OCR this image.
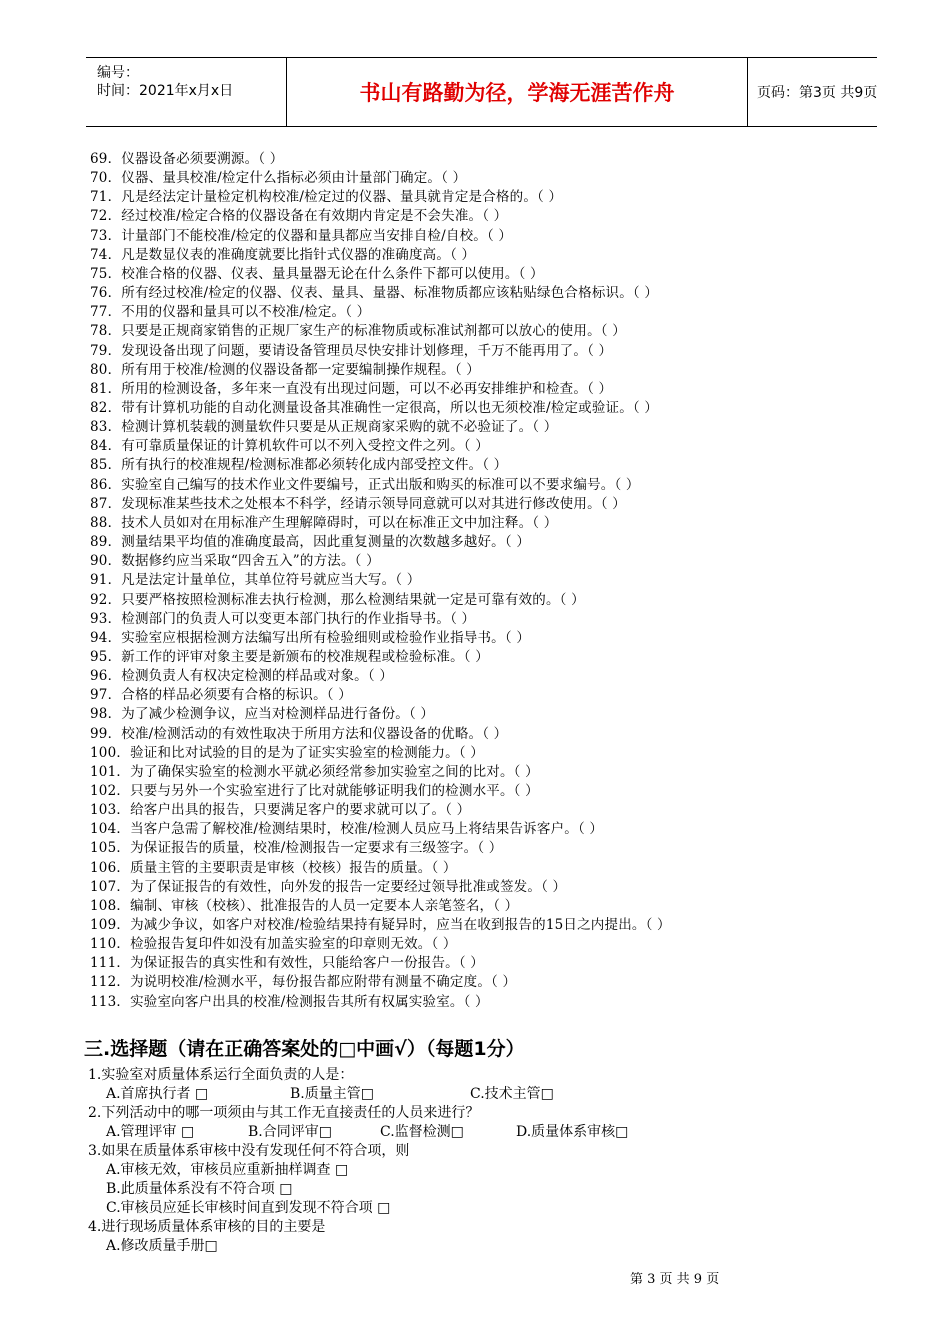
编号：
时间：2021年x月x日	书山有路勤为径，学海无涯苦作舟	页码：第3页 共9页
69．仪器设备必须要溯源。（ ）
70．仪器、量具校准/检定什么指标必须由计量部门确定。（ ）
71．凡是经法定计量检定机构校准/检定过的仪器、量具就肯定是合格的。（ ）
72．经过校准/检定合格的仪器设备在有效期内肯定是不会失准。（ ）
73．计量部门不能校准/检定的仪器和量具都应当安排自检/自校。（ ）
74．凡是数显仪表的准确度就要比指针式仪器的准确度高。（ ）
75．校准合格的仪器、仪表、量具量器无论在什么条件下都可以使用。（ ）
76．所有经过校准/检定的仪器、仪表、量具、量器、标准物质都应该粘贴绿色合格标识。（ ）
77．不用的仪器和量具可以不校准/检定。（ ）
78．只要是正规商家销售的正规厂家生产的标准物质或标准试剂都可以放心的使用。（ ）
79．发现设备出现了问题，要请设备管理员尽快安排计划修理，千万不能再用了。（ ）
80．所有用于校准/检测的仪器设备都一定要编制操作规程。（ ）
81．所用的检测设备，多年来一直没有出现过问题，可以不必再安排维护和检查。（ ）
82．带有计算机功能的自动化测量设备其准确性一定很高，所以也无须校准/检定或验证。（ ）
83．检测计算机装载的测量软件只要是从正规商家采购的就不必验证了。（ ）
84．有可靠质量保证的计算机软件可以不列入受控文件之列。（ ）
85．所有执行的校准规程/检测标准都必须转化成内部受控文件。（ ）
86．实验室自己编写的技术作业文件要编号，正式出版和购买的标准可以不要求编号。（ ）
87．发现标准某些技术之处根本不科学，经请示领导同意就可以对其进行修改使用。（ ）
88．技术人员如对在用标准产生理解障碍时，可以在标准正文中加注释。（ ）
89．测量结果平均值的准确度最高，因此重复测量的次数越多越好。（ ）
90．数据修约应当采取“四舍五入”的方法。（ ）
91．凡是法定计量单位，其单位符号就应当大写。（ ）
92．只要严格按照检测标准去执行检测，那么检测结果就一定是可靠有效的。（ ）
93．检测部门的负责人可以变更本部门执行的作业指导书。（ ）
94．实验室应根据检测方法编写出所有检验细则或检验作业指导书。（ ）
95．新工作的评审对象主要是新颁布的校准规程或检验标准。（ ）
96．检测负责人有权决定检测的样品或对象。（ ）
97．合格的样品必须要有合格的标识。（ ）
98．为了减少检测争议，应当对检测样品进行备份。（ ）
99．校准/检测活动的有效性取决于所用方法和仪器设备的优略。（ ）
100．验证和比对试验的目的是为了证实实验室的检测能力。（ ）
101．为了确保实验室的检测水平就必须经常参加实验室之间的比对。（ ）
102．只要与另外一个实验室进行了比对就能够证明我们的检测水平。（ ）
103．给客户出具的报告，只要满足客户的要求就可以了。（ ）
104．当客户急需了解校准/检测结果时，校准/检测人员应马上将结果告诉客户。（ ）
105．为保证报告的质量，校准/检测报告一定要求有三级签字。（ ）
106．质量主管的主要职责是审核（校核）报告的质量。（ ）
107．为了保证报告的有效性，向外发的报告一定要经过领导批准或签发。（ ）
108．编制、审核（校核）、批准报告的人员一定要本人亲笔签名，（ ）
109．为减少争议，如客户对校准/检验结果持有疑异时，应当在收到报告的15日之内提出。（ ）
110．检验报告复印件如没有加盖实验室的印章则无效。（ ）
111．为保证报告的真实性和有效性，只能给客户一份报告。（ ）
112．为说明校准/检测水平，每份报告都应附带有测量不确定度。（ ）
113．实验室向客户出具的校准/检测报告其所有权属实验室。（ ）
三.选择题（请在正确答案处的□中画√）（每题1分）
1.实验室对质量体系运行全面负责的人是：
A.首席执行者 □	B.质量主管□	C.技术主管□
2.下列活动中的哪一项须由与其工作无直接责任的人员来进行？
A.管理评审 □	B.合同评审□	C.监督检测□	D.质量体系审核□
3.如果在质量体系审核中没有发现任何不符合项，则
A.审核无效，审核员应重新抽样调查 □
B.此质量体系没有不符合项 □
C.审核员应延长审核时间直到发现不符合项 □
4.进行现场质量体系审核的目的主要是
A.修改质量手册□
第 3 页 共 9 页
